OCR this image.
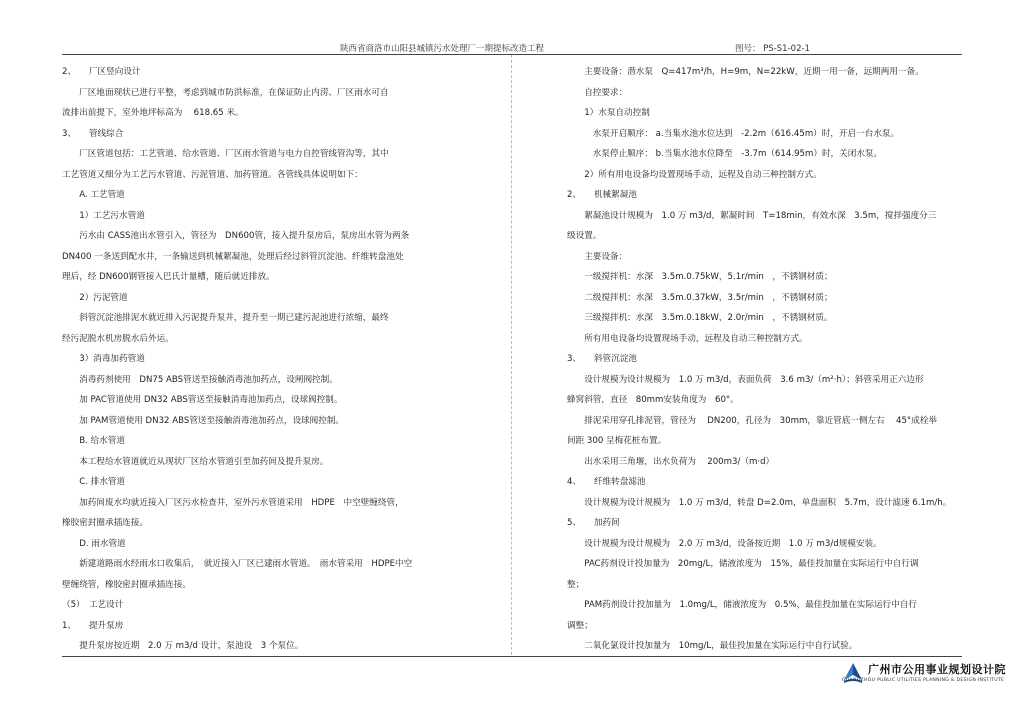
陕西省商洛市山阳县城镇污水处理厂一期提标改造工程	图号： PS-S1-02-1
2、　　厂区竖向设计
　　厂区地面现状已进行平整，考虑到城市防洪标准，在保证防止内涝、厂区雨水可自
流排出前提下，室外地坪标高为　 618.65 米。
3、　　管线综合
　　厂区管道包括：工艺管道、给水管道、厂区雨水管道与电力自控管线管沟等，其中
工艺管道又细分为工艺污水管道、污泥管道、加药管道。各管线具体说明如下：
　　A. 工艺管道
　　1）工艺污水管道
　　污水由 CASS池出水管引入，管径为　DN600管，接入提升泵房后，泵房出水管为两条
DN400 一条送到配水井，一条输送到机械絮凝池，处理后经过斜管沉淀池、纤维转盘池处
理后，经 DN600钢管接入巴氏计量槽，随后就近排放。
　　2）污泥管道
　　斜管沉淀池排泥水就近排入污泥提升泵井，提升至一期已建污泥池进行浓缩，最终
经污泥脱水机房脱水后外运。
　　3）消毒加药管道
　　消毒药剂使用　DN75 ABS管送至接触消毒池加药点，设闸阀控制。
　　加 PAC管道使用 DN32 ABS管送至接触消毒池加药点，设球阀控制。
　　加 PAM管道使用 DN32 ABS管送至接触消毒池加药点，设球阀控制。
　　B. 给水管道
　　本工程给水管道就近从现状厂区给水管道引至加药间及提升泵房。
　　C. 排水管道
　　加药间废水均就近接入厂区污水检查井，室外污水管道采用　HDPE　中空壁缠绕管，
橡胶密封圈承插连接。
　　D. 雨水管道
　　新建道路雨水经雨水口收集后，　就近接入厂区已建雨水管道。　雨水管采用　HDPE中空
壁缠绕管，橡胶密封圈承插连接。
（5）　工艺设计
1、　　提升泵房
　　提升泵房按近期　2.0 万 m3/d 设计，泵池设　3 个泵位。
　　主要设备：潜水泵　Q=417m³/h，H=9m，N=22kW，近期一用一备，远期两用一备。
　　自控要求：
　　1）水泵自动控制
　　　水泵开启顺序： a.当集水池水位达到　-2.2m（616.45m）时，开启一台水泵。
　　　水泵停止顺序： b.当集水池水位降至　-3.7m（614.95m）时，关闭水泵。
　　2）所有用电设备均设置现场手动，远程及自动三种控制方式。
2、　　机械絮凝池
　　絮凝池设计规模为　1.0 万 m3/d，絮凝时间　T=18min，有效水深　3.5m，搅拌强度分三
级设置。
　　主要设备：
　　一级搅拌机：水深　3.5m.0.75kW，5.1r/min　，不锈钢材质；
　　二级搅拌机：水深　3.5m.0.37kW，3.5r/min　，不锈钢材质；
　　三级搅拌机：水深　3.5m.0.18kW，2.0r/min　，不锈钢材质。
　　所有用电设备均设置现场手动，远程及自动三种控制方式。
3、　　斜管沉淀池
　　设计规模为设计规模为　1.0 万 m3/d，表面负荷　3.6 m3/（m²·h）；斜管采用正六边形
蜂窝斜管，直径　80mm安装角度为　60°。
　　排泥采用穿孔排泥管，管径为　 DN200，孔径为　30mm，靠近管底一侧左右　 45°成栓举
间距 300 呈梅花桩布置。
　　出水采用三角堰，出水负荷为　 200m3/（m·d）
4、　　纤维转盘滤池
　　设计规模为设计规模为　1.0 万 m3/d，转盘 D=2.0m，单盘面积　5.7m，设计滤速 6.1m/h。
5、　　加药间
　　设计规模为设计规模为　2.0 万 m3/d，设备按近期　1.0 万 m3/d规模安装。
　　PAC药剂设计投加量为　20mg/L，储液浓度为　15%，最佳投加量在实际运行中自行调
整；
　　PAM药剂设计投加量为　1.0mg/L，储液浓度为　0.5%，最佳投加量在实际运行中自行
调整；
　　二氧化氯设计投加量为　10mg/L，最佳投加量在实际运行中自行试验。
广州市公用事业规划设计院
GUANGZHOU PUBLIC UTILITIES PLANNING & DESIGN INSTITUTE
